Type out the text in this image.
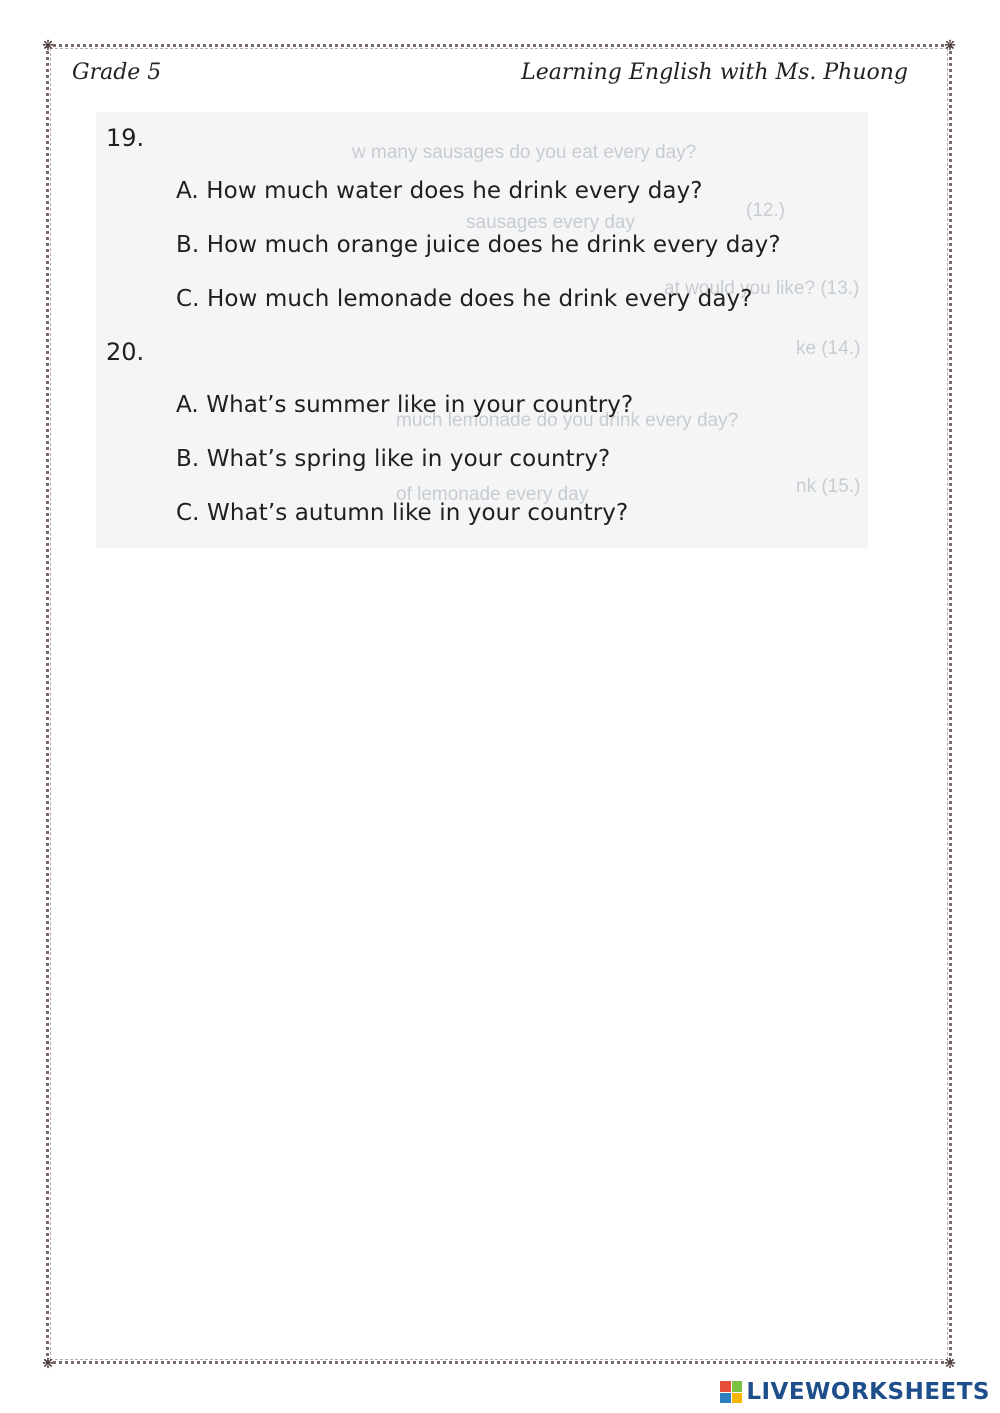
❋	❋
❋	❋
Grade 5	Learning English with Ms. Phuong
w many sausages do you eat every day?
(12.)
sausages every day
at would you like? (13.)
ke (14.)
much lemonade do you drink every day?
nk (15.)
of lemonade every day
19.
A. How much water does he drink every day?
B. How much orange juice does he drink every day?
C. How much lemonade does he drink every day?
20.
A. What’s summer like in your country?
B. What’s spring like in your country?
C. What’s autumn like in your country?
LIVEWORKSHEETS
